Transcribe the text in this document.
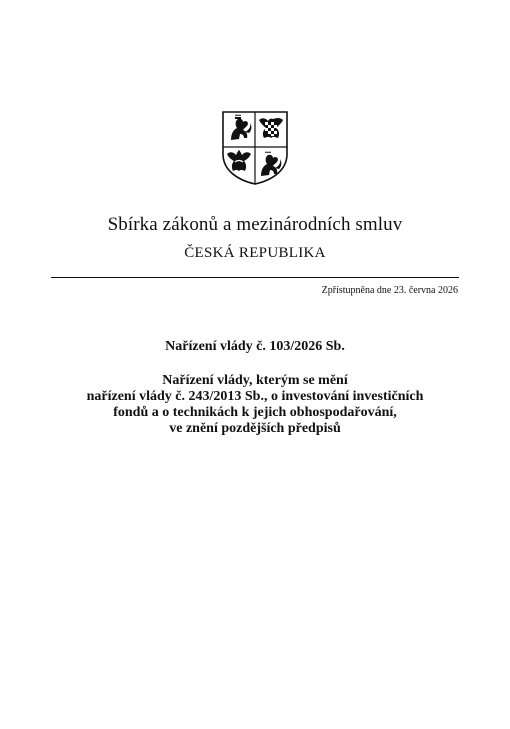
Sbírka zákonů a mezinárodních smluv
ČESKÁ REPUBLIKA
Zpřístupněna dne 23. června 2026
Nařízení vlády č. 103/2026 Sb.
Nařízení vlády, kterým se mění
nařízení vlády č. 243/2013 Sb., o investování investičních
fondů a o technikách k jejich obhospodařování,
ve znění pozdějších předpisů
